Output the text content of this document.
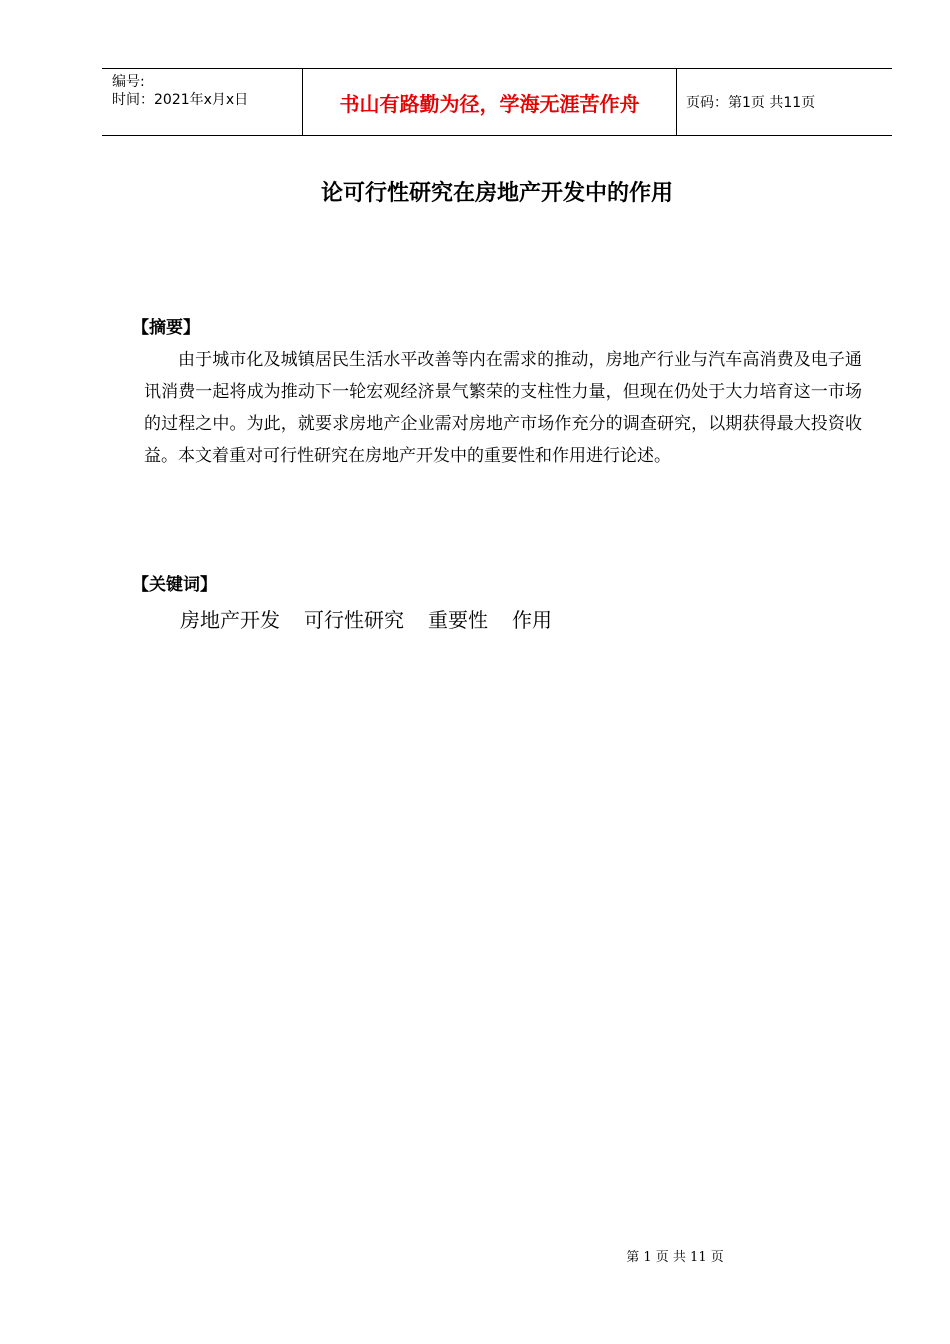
编号:
时间：2021年x月x日	书山有路勤为径，学海无涯苦作舟	页码：第1页 共11页
论可行性研究在房地产开发中的作用
【摘要】
由于城市化及城镇居民生活水平改善等内在需求的推动，房地产行业与汽车高消费及电子通讯消费一起将成为推动下一轮宏观经济景气繁荣的支柱性力量，但现在仍处于大力培育这一市场的过程之中。为此，就要求房地产企业需对房地产市场作充分的调查研究，以期获得最大投资收益。本文着重对可行性研究在房地产开发中的重要性和作用进行论述。
【关键词】
房地产开发 可行性研究 重要性 作用
第 1 页 共 11 页
